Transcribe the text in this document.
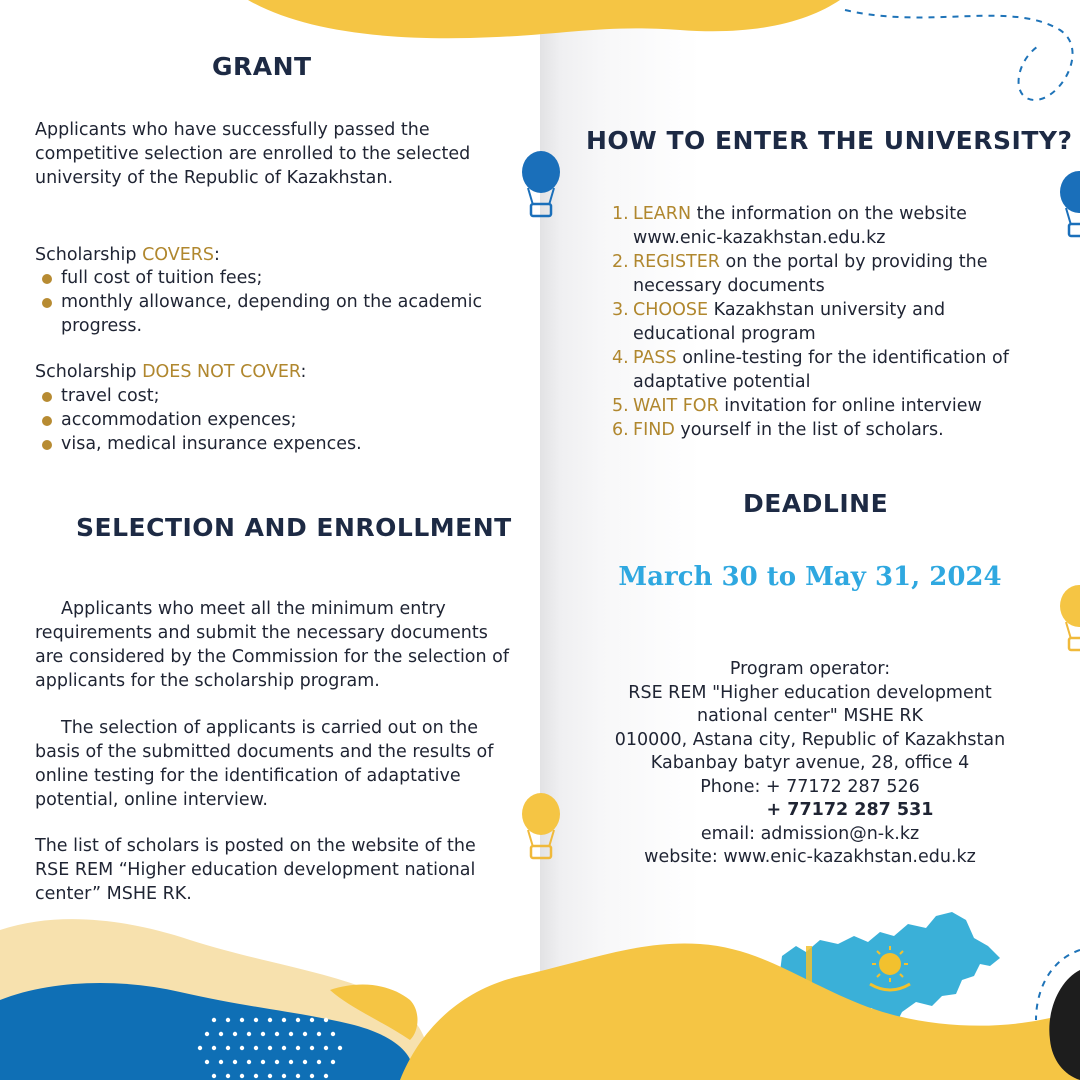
GRANT

Applicants who have successfully passed the competitive selection are enrolled to the selected university of the Republic of Kazakhstan.

Scholarship COVERS:
full cost of tuition fees;
monthly allowance, depending on the academic progress.
Scholarship DOES NOT COVER:
travel cost;
accommodation expences;
visa, medical insurance expences.
SELECTION AND ENROLLMENT

Applicants who meet all the minimum entry requirements and submit the necessary documents are considered by the Commission for the selection of applicants for the scholarship program.

The selection of applicants is carried out on the basis of the submitted documents and the results of online testing for the identification of adaptative potential, online interview.

The list of scholars is posted on the website of the RSE REM “Higher education development national center” MSHE RK.

HOW TO ENTER THE UNIVERSITY?
1. LEARN the information on the website www.enic-kazakhstan.edu.kz
2. REGISTER on the portal by providing the necessary documents
3. CHOOSE Kazakhstan university and educational program
4. PASS online-testing for the identification of adaptative potential
5. WAIT FOR invitation for online interview
6. FIND yourself in the list of scholars.
DEADLINE
March 30 to May 31, 2024
Program operator:
RSE REM "Higher education development
national center" MSHE RK
010000, Astana city, Republic of Kazakhstan
Kabanbay batyr avenue, 28, office 4
Phone: + 77172 287 526
+ 77172 287 531
email: admission@n-k.kz
website: www.enic-kazakhstan.edu.kz
